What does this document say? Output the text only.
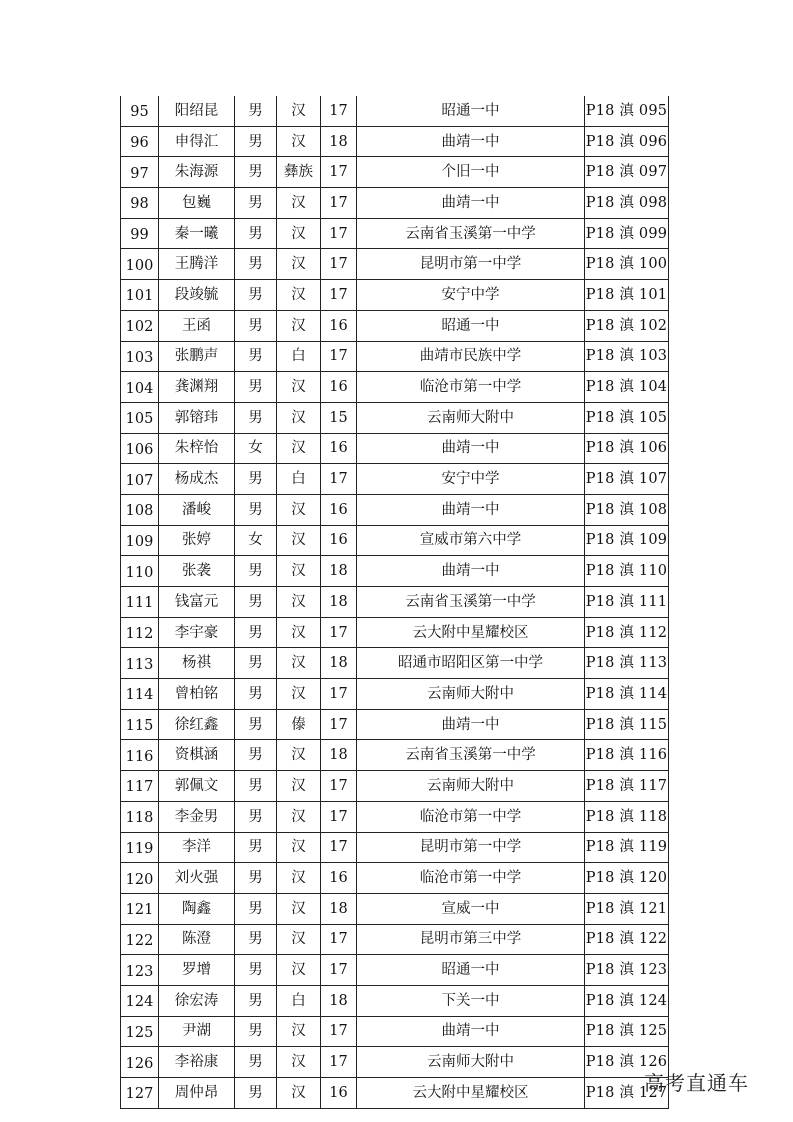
95	阳绍昆	男	汉	17	昭通一中	P18 滇 095
96	申得汇	男	汉	18	曲靖一中	P18 滇 096
97	朱海源	男	彝族	17	个旧一中	P18 滇 097
98	包巍	男	汉	17	曲靖一中	P18 滇 098
99	秦一曦	男	汉	17	云南省玉溪第一中学	P18 滇 099
100	王腾洋	男	汉	17	昆明市第一中学	P18 滇 100
101	段竣毓	男	汉	17	安宁中学	P18 滇 101
102	王函	男	汉	16	昭通一中	P18 滇 102
103	张鹏声	男	白	17	曲靖市民族中学	P18 滇 103
104	龚渊翔	男	汉	16	临沧市第一中学	P18 滇 104
105	郭镕玮	男	汉	15	云南师大附中	P18 滇 105
106	朱梓怡	女	汉	16	曲靖一中	P18 滇 106
107	杨成杰	男	白	17	安宁中学	P18 滇 107
108	潘峻	男	汉	16	曲靖一中	P18 滇 108
109	张婷	女	汉	16	宣威市第六中学	P18 滇 109
110	张袭	男	汉	18	曲靖一中	P18 滇 110
111	钱富元	男	汉	18	云南省玉溪第一中学	P18 滇 111
112	李宇豪	男	汉	17	云大附中星耀校区	P18 滇 112
113	杨祺	男	汉	18	昭通市昭阳区第一中学	P18 滇 113
114	曾柏铭	男	汉	17	云南师大附中	P18 滇 114
115	徐红鑫	男	傣	17	曲靖一中	P18 滇 115
116	资棋涵	男	汉	18	云南省玉溪第一中学	P18 滇 116
117	郭佩文	男	汉	17	云南师大附中	P18 滇 117
118	李金男	男	汉	17	临沧市第一中学	P18 滇 118
119	李洋	男	汉	17	昆明市第一中学	P18 滇 119
120	刘火强	男	汉	16	临沧市第一中学	P18 滇 120
121	陶鑫	男	汉	18	宣威一中	P18 滇 121
122	陈澄	男	汉	17	昆明市第三中学	P18 滇 122
123	罗增	男	汉	17	昭通一中	P18 滇 123
124	徐宏涛	男	白	18	下关一中	P18 滇 124
125	尹湖	男	汉	17	曲靖一中	P18 滇 125
126	李裕康	男	汉	17	云南师大附中	P18 滇 126
127	周仲昂	男	汉	16	云大附中星耀校区	P18 滇 127
高考直通车
